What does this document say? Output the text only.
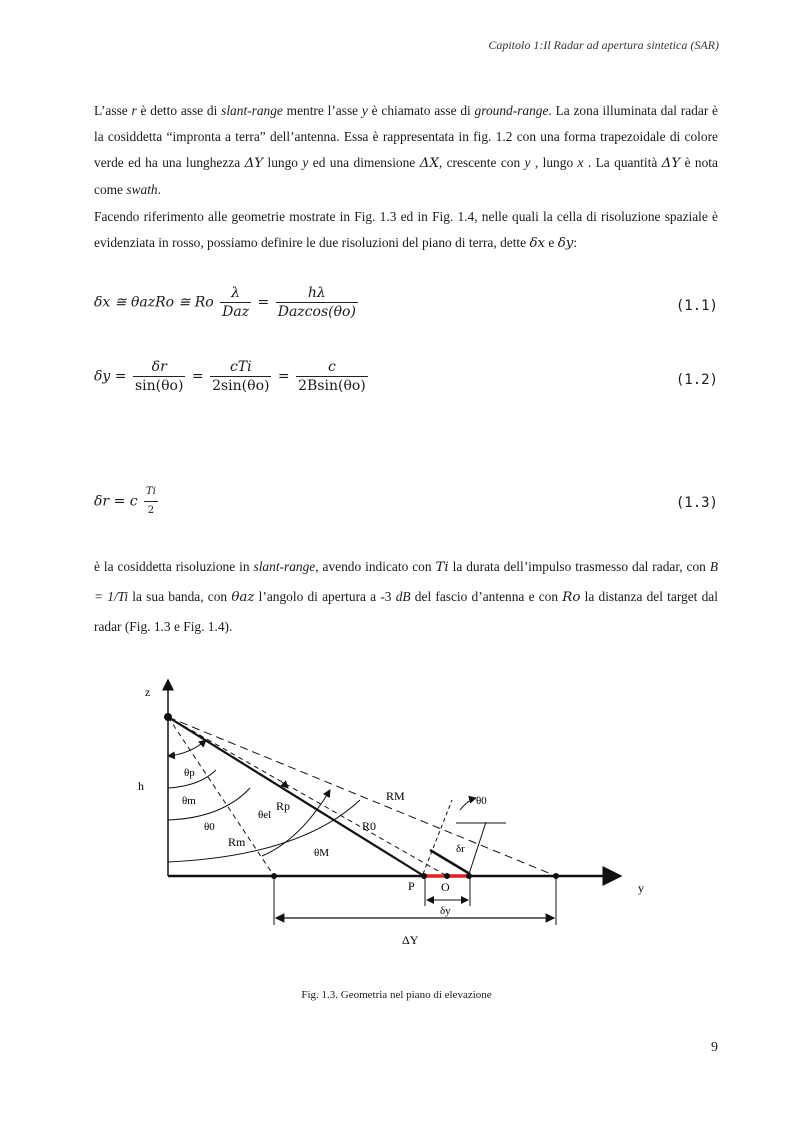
Capitolo 1:Il Radar ad apertura sintetica (SAR)
L’asse r è detto asse di slant-range mentre l’asse y è chiamato asse di ground-range. La zona illuminata dal radar è la cosiddetta “impronta a terra” dell’antenna. Essa è rappresentata in fig. 1.2 con una forma trapezoidale di colore verde ed ha una lunghezza ΔY lungo y ed una dimensione ΔX, crescente con y , lungo x . La quantità ΔY è nota come swath.
Facendo riferimento alle geometrie mostrate in Fig. 1.3 ed in Fig. 1.4, nelle quali la cella di risoluzione spaziale è evidenziata in rosso, possiamo definire le due risoluzioni del piano di terra, dette δx e δy:
δx ≅ θazRo ≅ Ro $\frac{\lambda}{\text{Daz}} = \frac{h\lambda}{\text{Dazcos(θo)}}$	(1.1)
$\delta y = \frac{\delta r}{\sin(\theta o)} = \frac{\text{cTi}}{2\sin(\theta o)} = \frac{c}{2Bsin(\theta o)}$	(1.2)
δr = c $\frac{Ti}{2}$	(1.3)
è la cosiddetta risoluzione in slant-range, avendo indicato con Ti la durata dell’impulso trasmesso dal radar, con B = 1/Ti la sua banda, con θaz l’angolo di apertura a -3 dB del fascio d’antenna e con Ro la distanza del target dal radar (Fig. 1.3 e Fig. 1.4).
z
h
y
P O
θp
θm
θ0
θel
θM
θ0
RM
Rp
R0
Rm	δr
δy
ΔY
Fig. 1.3. Geometria nel piano di elevazione
9
